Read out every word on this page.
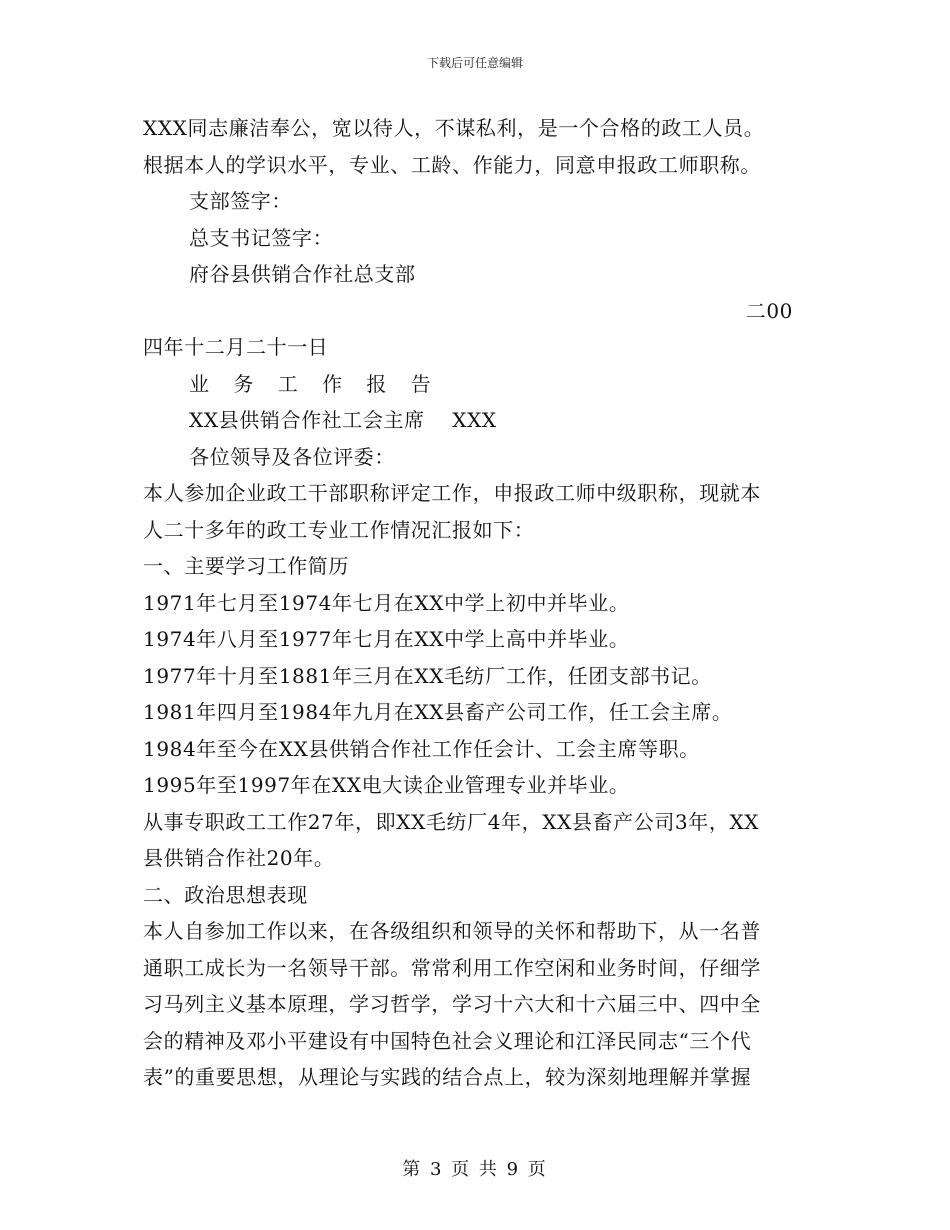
下载后可任意编辑
XXX同志廉洁奉公，宽以待人，不谋私利，是一个合格的政工人员。
根据本人的学识水平，专业、工龄、作能力，同意申报政工师职称。
支部签字：
总支书记签字：
府谷县供销合作社总支部
二00
四年十二月二十一日
业 务 工 作 报 告
XX县供销合作社工会主席　 XXX
各位领导及各位评委：
本人参加企业政工干部职称评定工作，申报政工师中级职称，现就本
人二十多年的政工专业工作情况汇报如下：
一、主要学习工作简历
1971年七月至1974年七月在XX中学上初中并毕业。
1974年八月至1977年七月在XX中学上高中并毕业。
1977年十月至1881年三月在XX毛纺厂工作，任团支部书记。
1981年四月至1984年九月在XX县畜产公司工作，任工会主席。
1984年至今在XX县供销合作社工作任会计、工会主席等职。
1995年至1997年在XX电大读企业管理专业并毕业。
从事专职政工工作27年，即XX毛纺厂4年，XX县畜产公司3年，XX
县供销合作社20年。
二、政治思想表现
本人自参加工作以来，在各级组织和领导的关怀和帮助下，从一名普
通职工成长为一名领导干部。常常利用工作空闲和业务时间，仔细学
习马列主义基本原理，学习哲学，学习十六大和十六届三中、四中全
会的精神及邓小平建设有中国特色社会义理论和江泽民同志“三个代
表”的重要思想，从理论与实践的结合点上，较为深刻地理解并掌握
第 3 页 共 9 页
